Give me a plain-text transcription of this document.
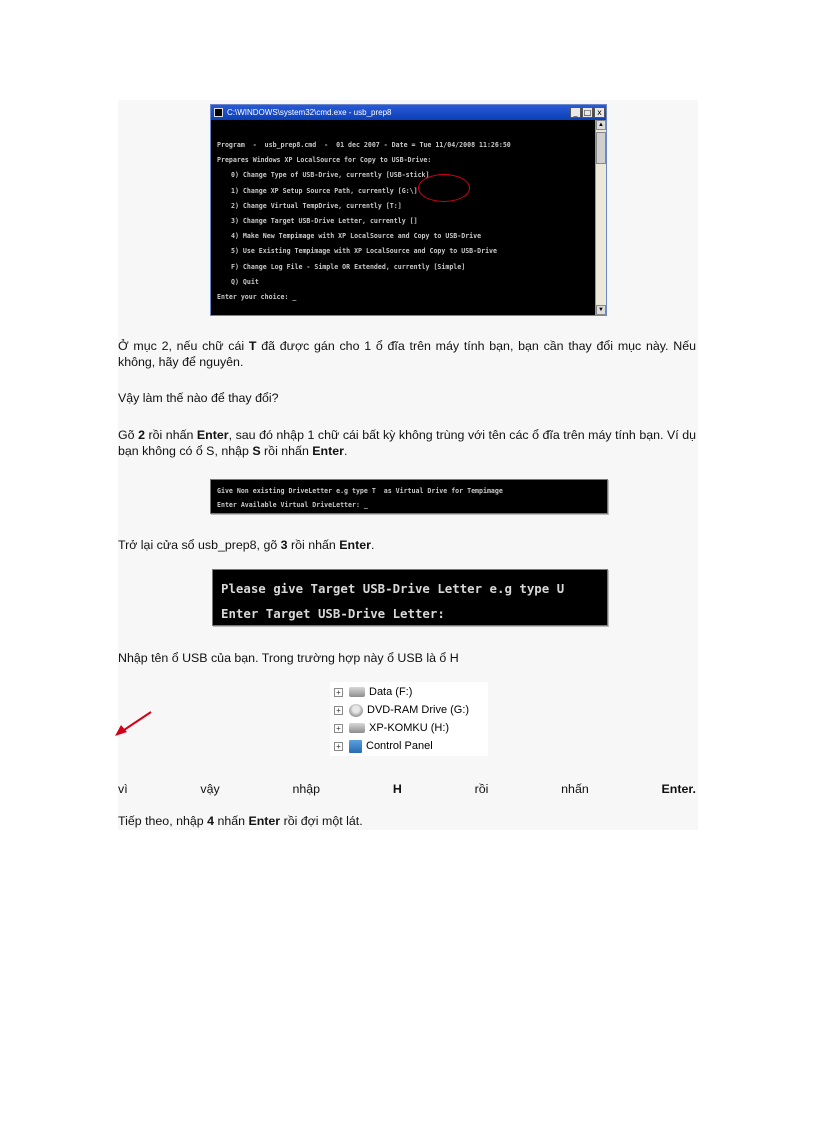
C:\WINDOWS\system32\cmd.exe - usb_prep8	_ □ x
Program  -  usb_prep8.cmd  -  01 dec 2007 - Date = Tue 11/04/2008 11:26:50
Prepares Windows XP LocalSource for Copy to USB-Drive:
0) Change Type of USB-Drive, currently [USB-stick]
1) Change XP Setup Source Path, currently [G:\]
2) Change Virtual TempDrive, currently [T:]
3) Change Target USB-Drive Letter, currently []
4) Make New Tempimage with XP LocalSource and Copy to USB-Drive
5) Use Existing Tempimage with XP LocalSource and Copy to USB-Drive
F) Change Log File - Simple OR Extended, currently [Simple]
Q) Quit
Enter your choice: _
▲
▼

Ở mục 2, nếu chữ cái T đã được gán cho 1 ổ đĩa trên máy tính bạn, bạn cần thay đổi mục này. Nếu không, hãy để nguyên.

Vậy làm thế nào để thay đổi?

Gõ 2 rồi nhấn Enter, sau đó nhập 1 chữ cái bất kỳ không trùng với tên các ổ đĩa trên máy tính bạn. Ví dụ bạn không có ổ S, nhập S rồi nhấn Enter.

Give Non existing DriveLetter e.g type T  as Virtual Drive for Tempimage
Enter Available Virtual DriveLetter: _

Trở lại cửa sổ usb_prep8, gõ 3 rồi nhấn Enter.

Please give Target USB-Drive Letter e.g type U
Enter Target USB-Drive Letter:

Nhập tên ổ USB của bạn. Trong trường hợp này ổ USB là ổ H

+	Data (F:)
+ DVD-RAM Drive (G:)
+	XP-KOMKU (H:)
+ Control Panel
vì	vậy	nhập	H	rồi	nhấn	Enter.

Tiếp theo, nhập 4 nhấn Enter rồi đợi một lát.
